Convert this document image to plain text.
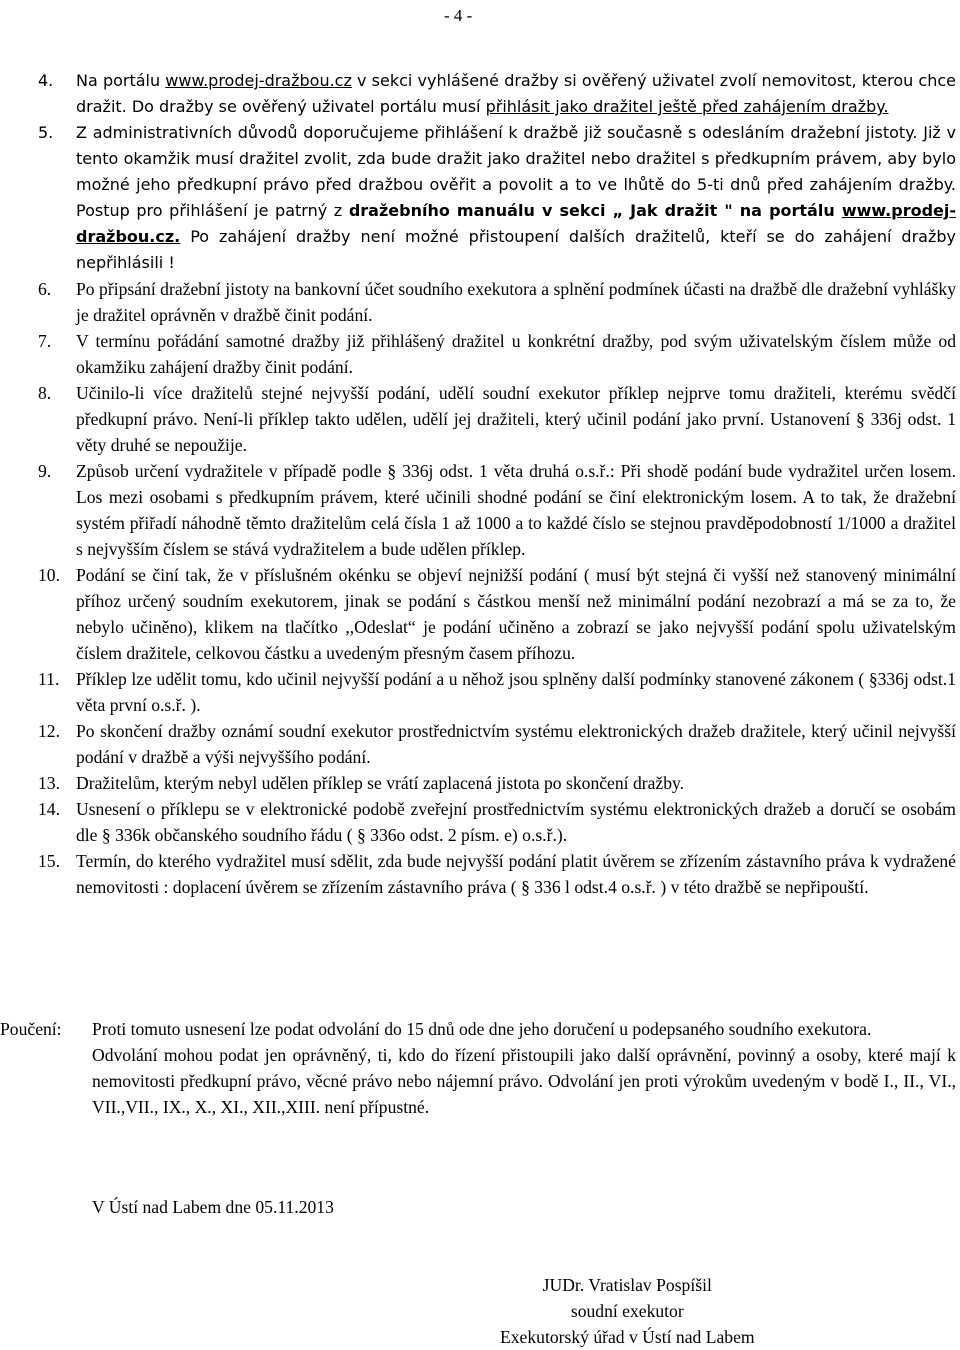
- 4 -
4. Na portálu www.prodej-dražbou.cz v sekci vyhlášené dražby si ověřený uživatel zvolí nemovitost, kterou chce dražit. Do dražby se ověřený uživatel portálu musí přihlásit jako dražitel ještě před zahájením dražby.
5. Z administrativních důvodů doporučujeme přihlášení k dražbě již současně s odesláním dražební jistoty. Již v tento okamžik musí dražitel zvolit, zda bude dražit jako dražitel nebo dražitel s předkupním právem, aby bylo možné jeho předkupní právo před dražbou ověřit a povolit a to ve lhůtě do 5-ti dnů před zahájením dražby. Postup pro přihlášení je patrný z dražebního manuálu v sekci „ Jak dražit " na portálu www.prodej-dražbou.cz. Po zahájení dražby není možné přistoupení dalších dražitelů, kteří se do zahájení dražby nepřihlásili !
6. Po připsání dražební jistoty na bankovní účet soudního exekutora a splnění podmínek účasti na dražbě dle dražební vyhlášky je dražitel oprávněn v dražbě činit podání.
7. V termínu pořádání samotné dražby již přihlášený dražitel u konkrétní dražby, pod svým uživatelským číslem může od okamžiku zahájení dražby činit podání.
8. Učinilo-li více dražitelů stejné nejvyšší podání, udělí soudní exekutor příklep nejprve tomu dražiteli, kterému svědčí předkupní právo. Není-li příklep takto udělen, udělí jej dražiteli, který učinil podání jako první. Ustanovení § 336j odst. 1 věty druhé se nepoužije.
9. Způsob určení vydražitele v případě podle § 336j odst. 1 věta druhá o.s.ř.: Při shodě podání bude vydražitel určen losem. Los mezi osobami s předkupním právem, které učinili shodné podání se činí elektronickým losem. A to tak, že dražební systém přiřadí náhodně těmto dražitelům celá čísla 1 až 1000 a to každé číslo se stejnou pravděpodobností 1/1000 a dražitel s nejvyšším číslem se stává vydražitelem a bude udělen příklep.
10. Podání se činí tak, že v příslušném okénku se objeví nejnižší podání ( musí být stejná či vyšší než stanovený minimální příhoz určený soudním exekutorem, jinak se podání s částkou menší než minimální podání nezobrazí a má se za to, že nebylo učiněno), klikem na tlačítko ,,Odeslat“ je podání učiněno a zobrazí se jako nejvyšší podání spolu uživatelským číslem dražitele, celkovou částku a uvedeným přesným časem příhozu.
11. Příklep lze udělit tomu, kdo učinil nejvyšší podání a u něhož jsou splněny další podmínky stanovené zákonem ( §336j odst.1 věta první o.s.ř. ).
12. Po skončení dražby oznámí soudní exekutor prostřednictvím systému elektronických dražeb dražitele, který učinil nejvyšší podání v dražbě a výši nejvyššího podání.
13. Dražitelům, kterým nebyl udělen příklep se vrátí zaplacená jistota po skončení dražby.
14. Usnesení o příklepu se v elektronické podobě zveřejní prostřednictvím systému elektronických dražeb a doručí se osobám dle § 336k občanského soudního řádu ( § 336o odst. 2 písm. e) o.s.ř.).
15. Termín, do kterého vydražitel musí sdělit, zda bude nejvyšší podání platit úvěrem se zřízením zástavního práva k vydražené nemovitosti : doplacení úvěrem se zřízením zástavního práva ( § 336 l odst.4 o.s.ř. ) v této dražbě se nepřipouští.
Poučení: Proti tomuto usnesení lze podat odvolání do 15 dnů ode dne jeho doručení u podepsaného soudního exekutora.
Odvolání mohou podat jen oprávněný, ti, kdo do řízení přistoupili jako další oprávnění, povinný a osoby, které mají k nemovitosti předkupní právo, věcné právo nebo nájemní právo. Odvolání jen proti výrokům uvedeným v bodě I., II., VI., VII.,VII., IX., X., XI., XII.,XIII. není přípustné.
V Ústí nad Labem dne 05.11.2013
JUDr. Vratislav Pospíšil
soudní exekutor
Exekutorský úřad v Ústí nad Labem
